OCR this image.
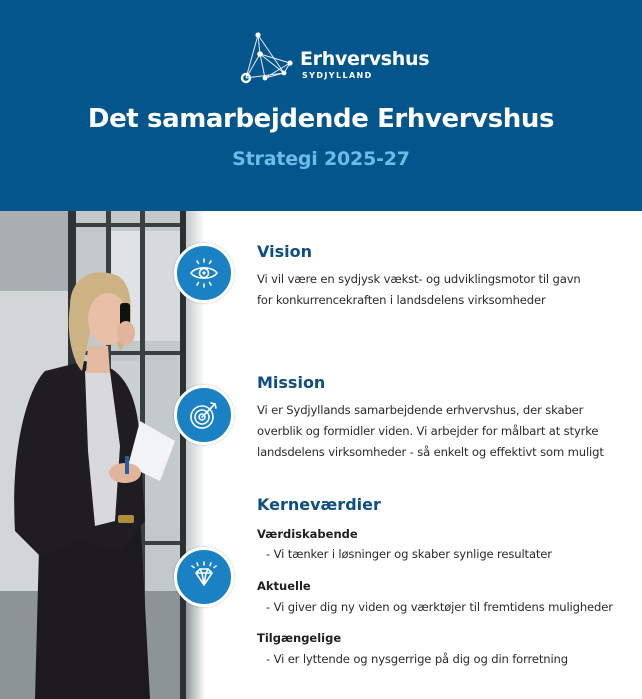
Erhvervshus
SYDJYLLAND
Det samarbejdende Erhvervshus
Strategi 2025-27
Vision
Vi vil være en sydjysk vækst- og udviklingsmotor til gavn
for konkurrencekraften i landsdelens virksomheder
Mission
Vi er Sydjyllands samarbejdende erhvervshus, der skaber
overblik og formidler viden. Vi arbejder for målbart at styrke
landsdelens virksomheder - så enkelt og effektivt som muligt
Kerneværdier
Værdiskabende
- Vi tænker i løsninger og skaber synlige resultater
Aktuelle
- Vi giver dig ny viden og værktøjer til fremtidens muligheder
Tilgængelige
- Vi er lyttende og nysgerrige på dig og din forretning
